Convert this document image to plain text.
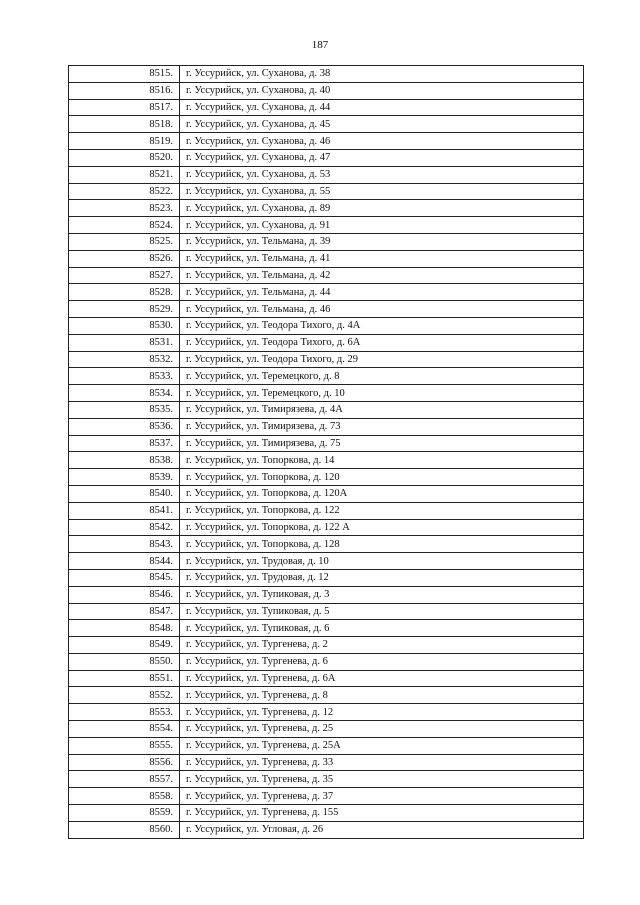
187
8515.	г. Уссурийск, ул. Суханова, д. 38
8516.	г. Уссурийск, ул. Суханова, д. 40
8517.	г. Уссурийск, ул. Суханова, д. 44
8518.	г. Уссурийск, ул. Суханова, д. 45
8519.	г. Уссурийск, ул. Суханова, д. 46
8520.	г. Уссурийск, ул. Суханова, д. 47
8521.	г. Уссурийск, ул. Суханова, д. 53
8522.	г. Уссурийск, ул. Суханова, д. 55
8523.	г. Уссурийск, ул. Суханова, д. 89
8524.	г. Уссурийск, ул. Суханова, д. 91
8525.	г. Уссурийск, ул. Тельмана, д. 39
8526.	г. Уссурийск, ул. Тельмана, д. 41
8527.	г. Уссурийск, ул. Тельмана, д. 42
8528.	г. Уссурийск, ул. Тельмана, д. 44
8529.	г. Уссурийск, ул. Тельмана, д. 46
8530.	г. Уссурийск, ул. Теодора Тихого, д. 4А
8531.	г. Уссурийск, ул. Теодора Тихого, д. 6А
8532.	г. Уссурийск, ул. Теодора Тихого, д. 29
8533.	г. Уссурийск, ул. Теремецкого, д. 8
8534.	г. Уссурийск, ул. Теремецкого, д. 10
8535.	г. Уссурийск, ул. Тимирязева, д. 4А
8536.	г. Уссурийск, ул. Тимирязева, д. 73
8537.	г. Уссурийск, ул. Тимирязева, д. 75
8538.	г. Уссурийск, ул. Топоркова, д. 14
8539.	г. Уссурийск, ул. Топоркова, д. 120
8540.	г. Уссурийск, ул. Топоркова, д. 120А
8541.	г. Уссурийск, ул. Топоркова, д. 122
8542.	г. Уссурийск, ул. Топоркова, д. 122 А
8543.	г. Уссурийск, ул. Топоркова, д. 128
8544.	г. Уссурийск, ул. Трудовая, д. 10
8545.	г. Уссурийск, ул. Трудовая, д. 12
8546.	г. Уссурийск, ул. Тупиковая, д. 3
8547.	г. Уссурийск, ул. Тупиковая, д. 5
8548.	г. Уссурийск, ул. Тупиковая, д. 6
8549.	г. Уссурийск, ул. Тургенева, д. 2
8550.	г. Уссурийск, ул. Тургенева, д. 6
8551.	г. Уссурийск, ул. Тургенева, д. 6А
8552.	г. Уссурийск, ул. Тургенева, д. 8
8553.	г. Уссурийск, ул. Тургенева, д. 12
8554.	г. Уссурийск, ул. Тургенева, д. 25
8555.	г. Уссурийск, ул. Тургенева, д. 25А
8556.	г. Уссурийск, ул. Тургенева, д. 33
8557.	г. Уссурийск, ул. Тургенева, д. 35
8558.	г. Уссурийск, ул. Тургенева, д. 37
8559.	г. Уссурийск, ул. Тургенева, д. 155
8560.	г. Уссурийск, ул. Угловая, д. 26
